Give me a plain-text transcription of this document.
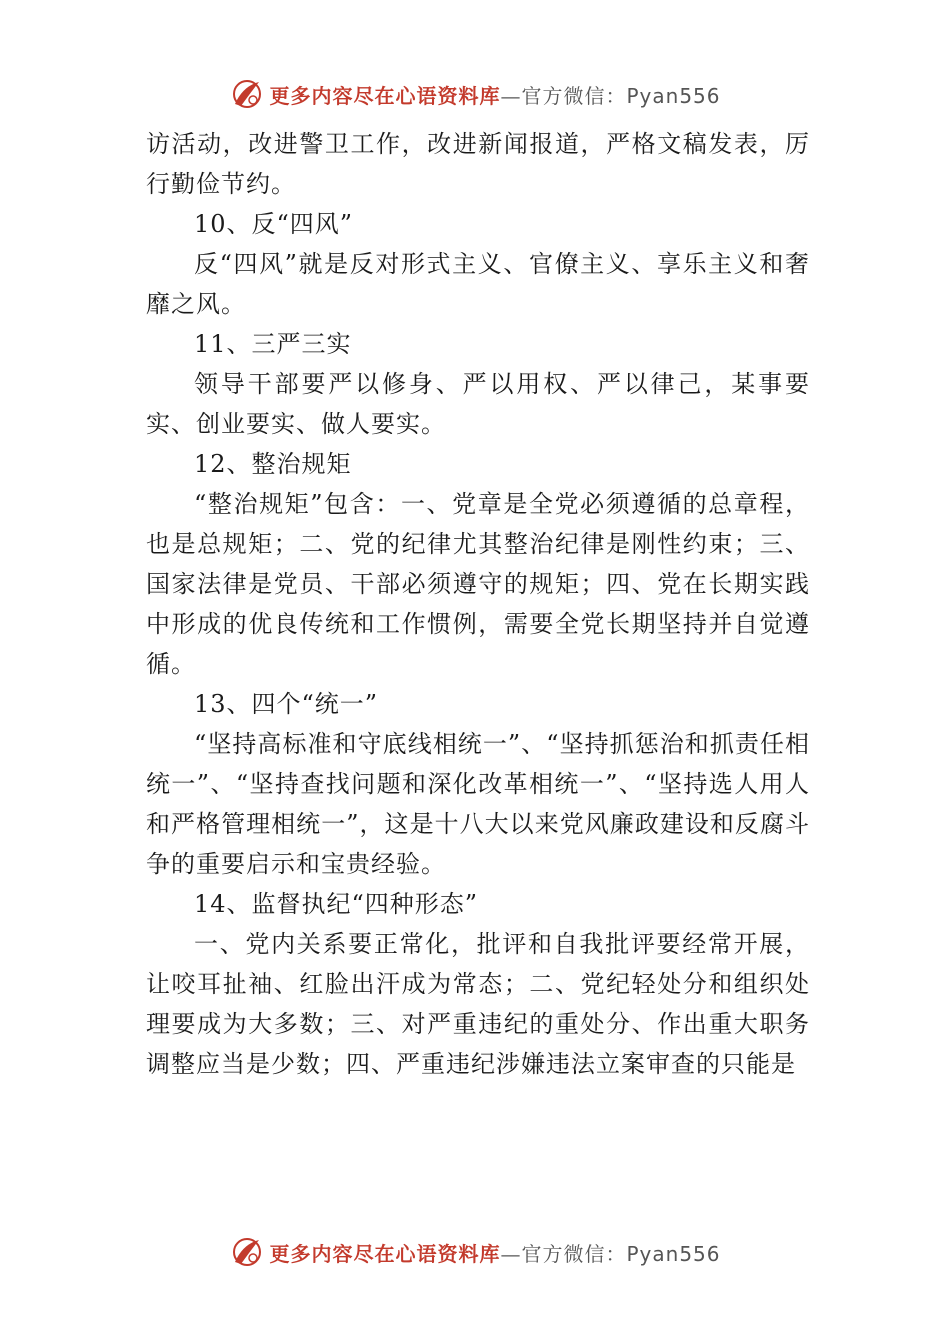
更多内容尽在心语资料库—官方微信：Pyan556

访活动，改进警卫工作，改进新闻报道，严格文稿发表，厉行勤俭节约。

10、反“四风”

反“四风”就是反对形式主义、官僚主义、享乐主义和奢靡之风。

11、三严三实

领导干部要严以修身、严以用权、严以律己，某事要实、创业要实、做人要实。

12、整治规矩

“整治规矩”包含：一、党章是全党必须遵循的总章程，也是总规矩；二、党的纪律尤其整治纪律是刚性约束；三、国家法律是党员、干部必须遵守的规矩；四、党在长期实践中形成的优良传统和工作惯例，需要全党长期坚持并自觉遵循。

13、四个“统一”

“坚持高标准和守底线相统一”、“坚持抓惩治和抓责任相统一”、“坚持查找问题和深化改革相统一”、“坚持选人用人和严格管理相统一”，这是十八大以来党风廉政建设和反腐斗争的重要启示和宝贵经验。

14、监督执纪“四种形态”

一、党内关系要正常化，批评和自我批评要经常开展，让咬耳扯袖、红脸出汗成为常态；二、党纪轻处分和组织处理要成为大多数；三、对严重违纪的重处分、作出重大职务调整应当是少数；四、严重违纪涉嫌违法立案审查的只能是

更多内容尽在心语资料库—官方微信：Pyan556
